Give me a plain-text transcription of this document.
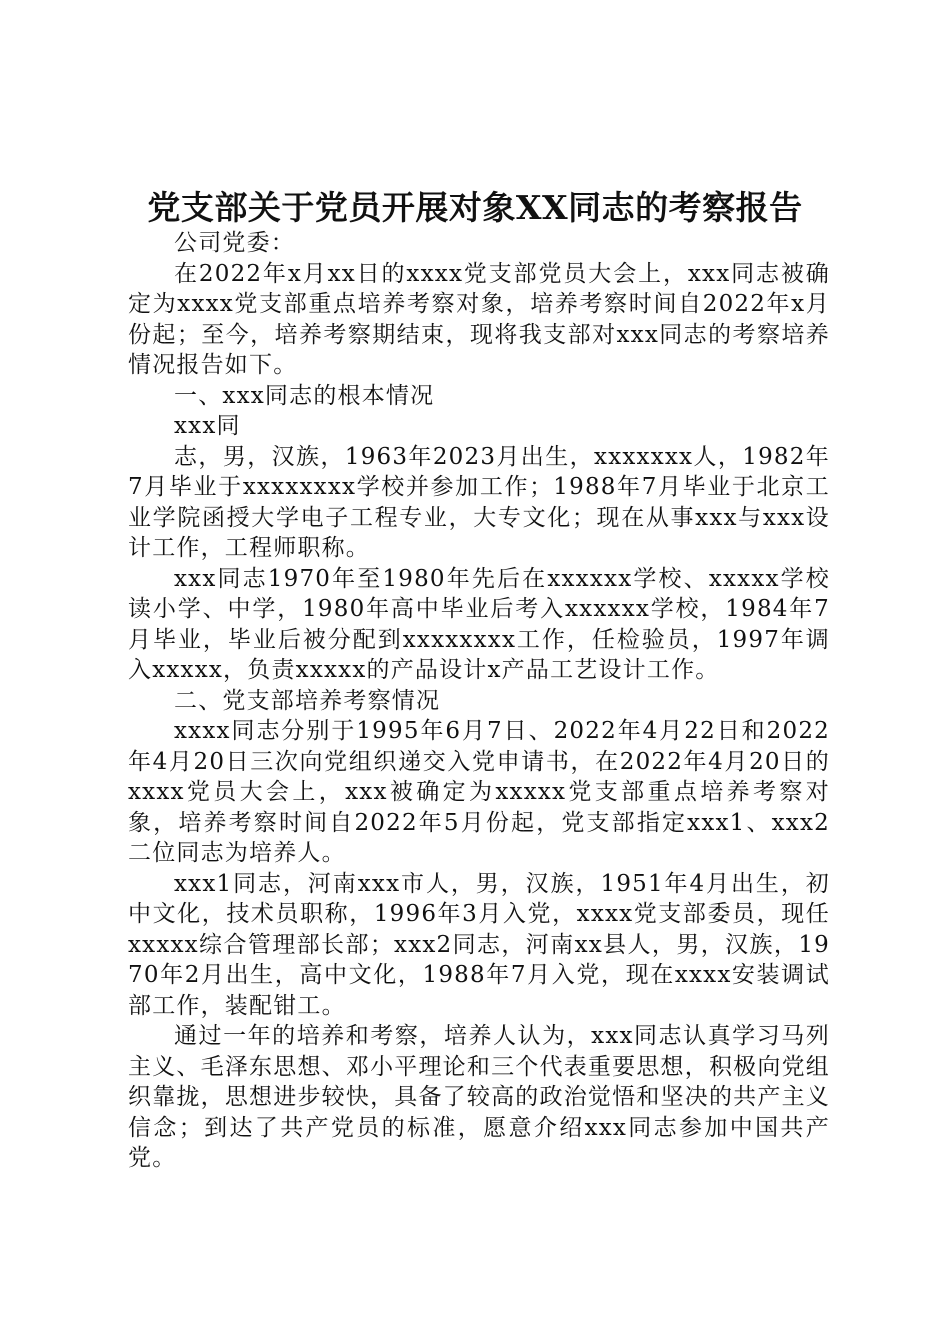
党支部关于党员开展对象XX同志的考察报告

公司党委：

在2022年x月xx日的xxxx党支部党员大会上，xxx同志被确定为xxxx党支部重点培养考察对象，培养考察时间自2022年x月份起；至今，培养考察期结束，现将我支部对xxx同志的考察培养情况报告如下。

一、xxx同志的根本情况

xxx同

志，男，汉族，1963年2023月出生，xxxxxxx人，1982年7月毕业于xxxxxxxx学校并参加工作；1988年7月毕业于北京工业学院函授大学电子工程专业，大专文化；现在从事xxx与xxx设计工作，工程师职称。

xxx同志1970年至1980年先后在xxxxxx学校、xxxxx学校读小学、中学，1980年高中毕业后考入xxxxxx学校，1984年7月毕业，毕业后被分配到xxxxxxxx工作，任检验员，1997年调入xxxxx，负责xxxxx的产品设计x产品工艺设计工作。

二、党支部培养考察情况

xxxx同志分别于1995年6月7日、2022年4月22日和2022年4月20日三次向党组织递交入党申请书，在2022年4月20日的xxxx党员大会上，xxx被确定为xxxxx党支部重点培养考察对象，培养考察时间自2022年5月份起，党支部指定xxx1、xxx2二位同志为培养人。

xxx1同志，河南xxx市人，男，汉族，1951年4月出生，初中文化，技术员职称，1996年3月入党，xxxx党支部委员，现任xxxxx综合管理部长部；xxx2同志，河南xx县人，男，汉族，1970年2月出生，高中文化，1988年7月入党，现在xxxx安装调试部工作，装配钳工。

通过一年的培养和考察，培养人认为，xxx同志认真学习马列主义、毛泽东思想、邓小平理论和三个代表重要思想，积极向党组织靠拢，思想进步较快，具备了较高的政治觉悟和坚决的共产主义信念；到达了共产党员的标准，愿意介绍xxx同志参加中国共产党。
